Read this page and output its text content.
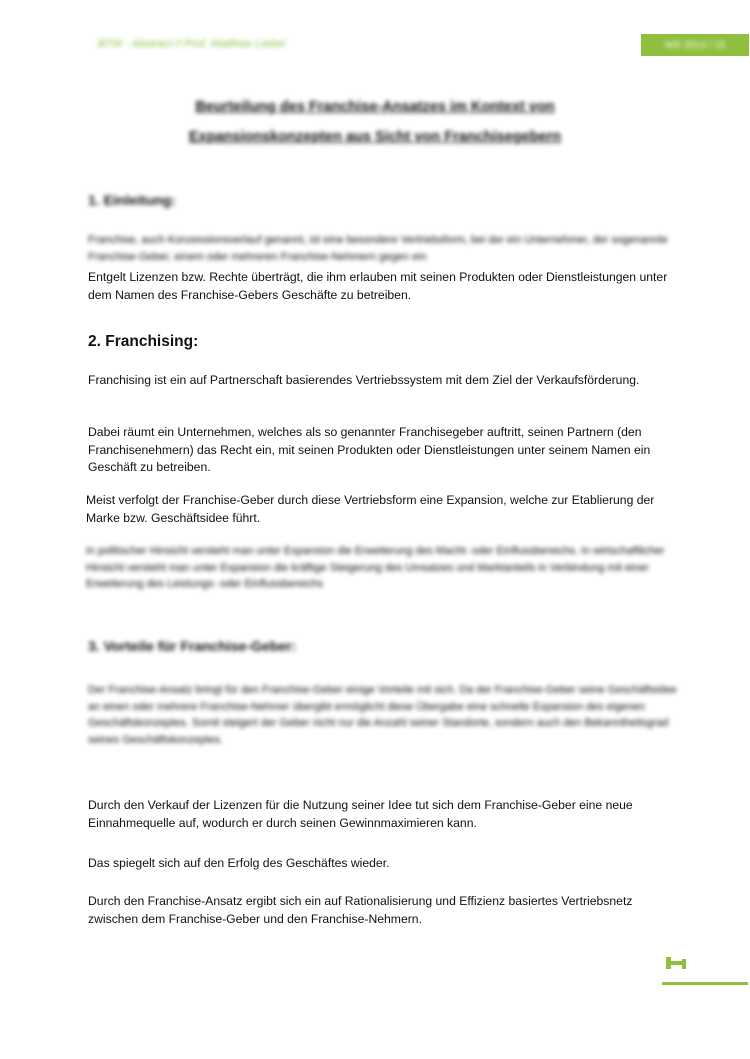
BTW - Abstract // Prof. Matthias Liebel	WS 2014 / 15
Beurteilung des Franchise-Ansatzes im Kontext von
Expansionskonzepten aus Sicht von Franchisegebern
1. Einleitung:

Franchise, auch Konzessionsverlauf genannt, ist eine besondere Vertriebsform, bei der ein Unternehmer, der sogenannte Franchise-Geber, einem oder mehreren Franchise-Nehmern gegen ein

Entgelt Lizenzen bzw. Rechte überträgt, die ihm erlauben mit seinen Produkten oder Dienstleistungen unter dem Namen des Franchise-Gebers Geschäfte zu betreiben.

2. Franchising:

Franchising ist ein auf Partnerschaft basierendes Vertriebssystem mit dem Ziel der Verkaufsförderung.

Dabei räumt ein Unternehmen, welches als so genannter Franchisegeber auftritt, seinen Partnern (den Franchisenehmern) das Recht ein, mit seinen Produkten oder Dienstleistungen unter seinem Namen ein Geschäft zu betreiben.

Meist verfolgt der Franchise-Geber durch diese Vertriebsform eine Expansion, welche zur Etablierung der Marke bzw. Geschäftsidee führt.

In politischer Hinsicht versteht man unter Expansion die Erweiterung des Macht- oder Einflussbereichs. In wirtschaftlicher Hinsicht versteht man unter Expansion die kräftige Steigerung des Umsatzes und Marktanteils in Verbindung mit einer Erweiterung des Leistungs- oder Einflussbereichs

3. Vorteile für Franchise-Geber:

Der Franchise-Ansatz bringt für den Franchise-Geber einige Vorteile mit sich. Da der Franchise-Geber seine Geschäftsidee an einen oder mehrere Franchise-Nehmer übergibt ermöglicht diese Übergabe eine schnelle Expansion des eigenen Geschäftskonzeptes. Somit steigert der Geber nicht nur die Anzahl seiner Standorte, sondern auch den Bekanntheitsgrad seines Geschäftskonzeptes.

Durch den Verkauf der Lizenzen für die Nutzung seiner Idee tut sich dem Franchise-Geber eine neue Einnahmequelle auf, wodurch er durch seinen Gewinnmaximieren kann.

Das spiegelt sich auf den Erfolg des Geschäftes wieder.

Durch den Franchise-Ansatz ergibt sich ein auf Rationalisierung und Effizienz basiertes Vertriebsnetz zwischen dem Franchise-Geber und den Franchise-Nehmern.
